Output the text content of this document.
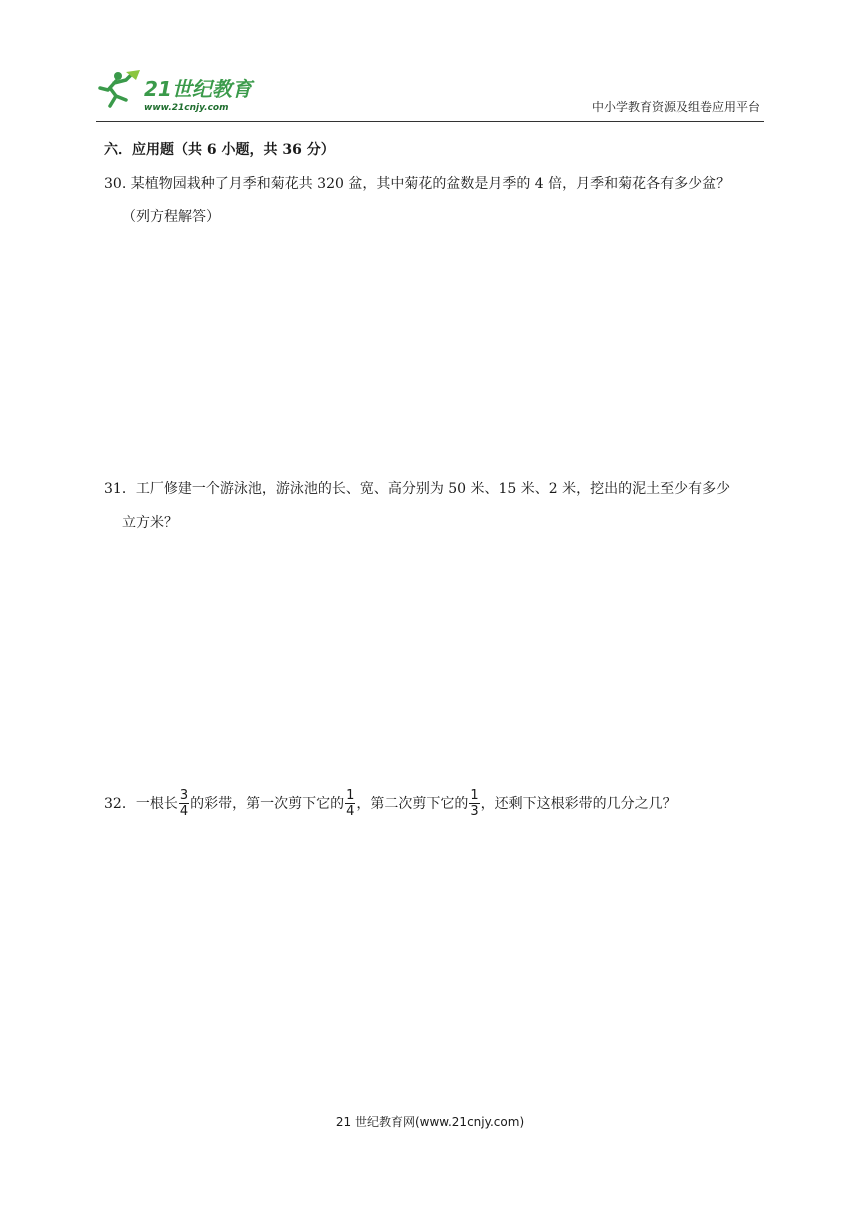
21世纪教育
www.21cnjy.com	中小学教育资源及组卷应用平台
六．应用题（共 6 小题，共 36 分）
30. 某植物园栽种了月季和菊花共 320 盆，其中菊花的盆数是月季的 4 倍，月季和菊花各有多少盆？
（列方程解答）
31．工厂修建一个游泳池，游泳池的长、宽、高分别为 50 米、15 米、2 米，挖出的泥土至少有多少
立方米？
32．一根长 $\frac{3}{4}$ 的彩带，第一次剪下它的 $\frac{1}{4}$ ，第二次剪下它的 $\frac{1}{3}$ ，还剩下这根彩带的几分之几？
21 世纪教育网(www.21cnjy.com)
